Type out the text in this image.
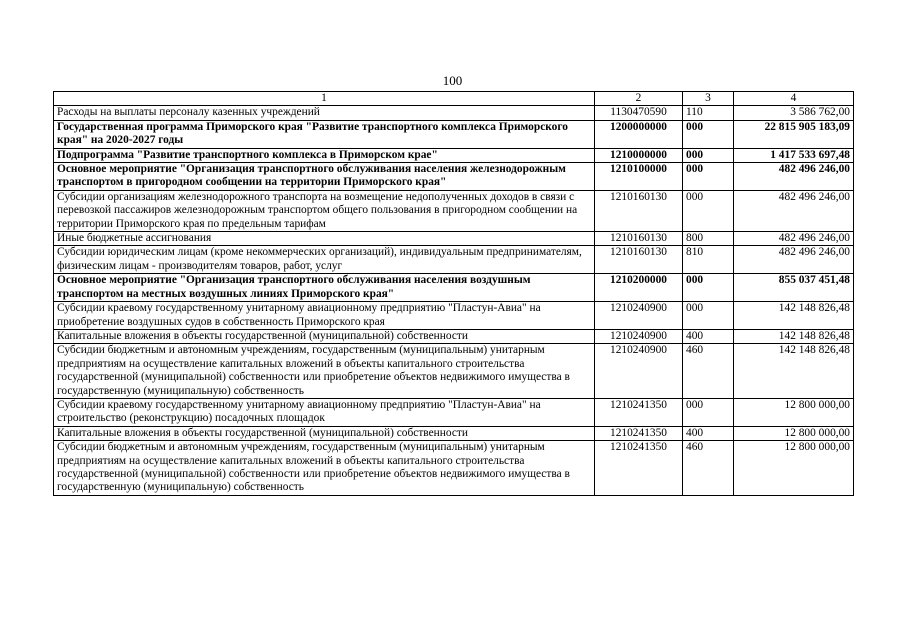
100
1	2	3	4
Расходы на выплаты персоналу казенных учреждений	1130470590	110	3 586 762,00
Государственная программа Приморского края "Развитие транспортного комплекса Приморского края" на 2020-2027 годы	1200000000	000	22 815 905 183,09
Подпрограмма "Развитие транспортного комплекса в Приморском крае"	1210000000	000	1 417 533 697,48
Основное мероприятие "Организация транспортного обслуживания населения железнодорожным транспортом в пригородном сообщении на территории Приморского края"	1210100000	000	482 496 246,00
Субсидии организациям железнодорожного транспорта на возмещение недополученных доходов в связи с перевозкой пассажиров железнодорожным транспортом общего пользования в пригородном сообщении на территории Приморского края по предельным тарифам	1210160130	000	482 496 246,00
Иные бюджетные ассигнования	1210160130	800	482 496 246,00
Субсидии юридическим лицам (кроме некоммерческих организаций), индивидуальным предпринимателям, физическим лицам - производителям товаров, работ, услуг	1210160130	810	482 496 246,00
Основное мероприятие "Организация транспортного обслуживания населения воздушным транспортом на местных воздушных линиях Приморского края"	1210200000	000	855 037 451,48
Субсидии краевому государственному унитарному авиационному предприятию "Пластун-Авиа" на приобретение воздушных судов в собственность Приморского края	1210240900	000	142 148 826,48
Капитальные вложения в объекты государственной (муниципальной) собственности	1210240900	400	142 148 826,48
Субсидии бюджетным и автономным учреждениям, государственным (муниципальным) унитарным предприятиям на осуществление капитальных вложений в объекты капитального строительства государственной (муниципальной) собственности или приобретение объектов недвижимого имущества в государственную (муниципальную) собственность	1210240900	460	142 148 826,48
Субсидии краевому государственному унитарному авиационному предприятию "Пластун-Авиа" на строительство (реконструкцию) посадочных площадок	1210241350	000	12 800 000,00
Капитальные вложения в объекты государственной (муниципальной) собственности	1210241350	400	12 800 000,00
Субсидии бюджетным и автономным учреждениям, государственным (муниципальным) унитарным предприятиям на осуществление капитальных вложений в объекты капитального строительства государственной (муниципальной) собственности или приобретение объектов недвижимого имущества в государственную (муниципальную) собственность	1210241350	460	12 800 000,00
